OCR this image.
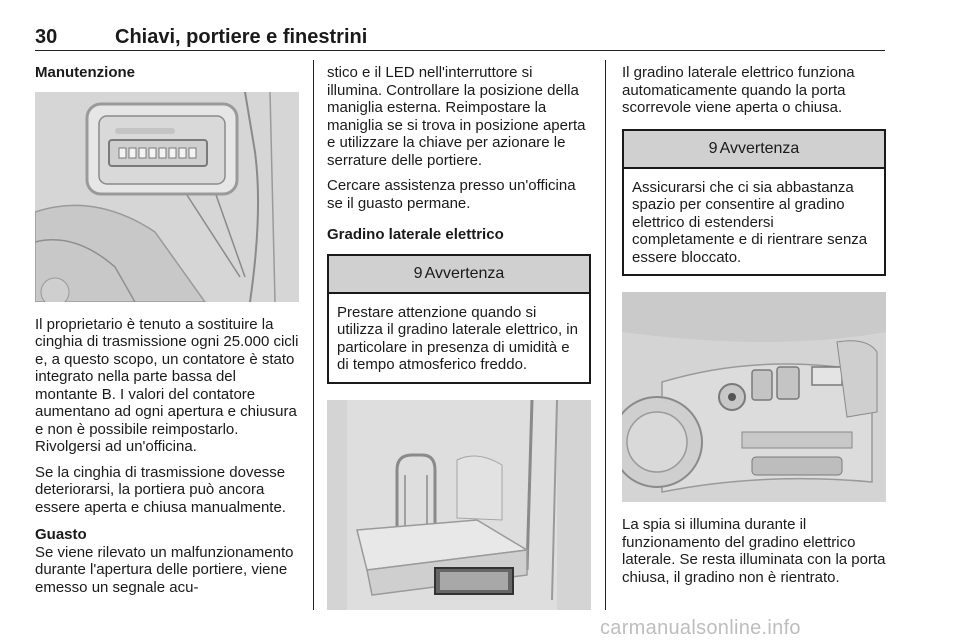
30	Chiavi, portiere e finestrini
Manutenzione

Il proprietario è tenuto a sostituire la cinghia di trasmissione ogni 25.000 cicli e, a questo scopo, un contatore è stato integrato nella parte bassa del montante B. I valori del contatore aumentano ad ogni apertura e chiusura e non è possibile reimpostarlo. Rivolgersi ad un'officina.

Se la cinghia di trasmissione dovesse deteriorarsi, la portiera può ancora essere aperta e chiusa manualmente.

Guasto

Se viene rilevato un malfunzionamento durante l'apertura delle portiere, viene emesso un segnale acu-

stico e il LED nell'interruttore si illumina. Controllare la posizione della maniglia esterna. Reimpostare la maniglia se si trova in posizione aperta e utilizzare la chiave per azionare le serrature delle portiere.

Cercare assistenza presso un'officina se il guasto permane.

Gradino laterale elettrico
9 Avvertenza
Prestare attenzione quando si utilizza il gradino laterale elettrico, in particolare in presenza di umidità e di tempo atmosferico freddo.

Il gradino laterale elettrico funziona automaticamente quando la porta scorrevole viene aperta o chiusa.

9 Avvertenza
Assicurarsi che ci sia abbastanza spazio per consentire al gradino elettrico di estendersi completamente e di rientrare senza essere bloccato.

La spia si illumina durante il funzionamento del gradino elettrico laterale. Se resta illuminata con la porta chiusa, il gradino non è rientrato.

carmanualsonline.info
